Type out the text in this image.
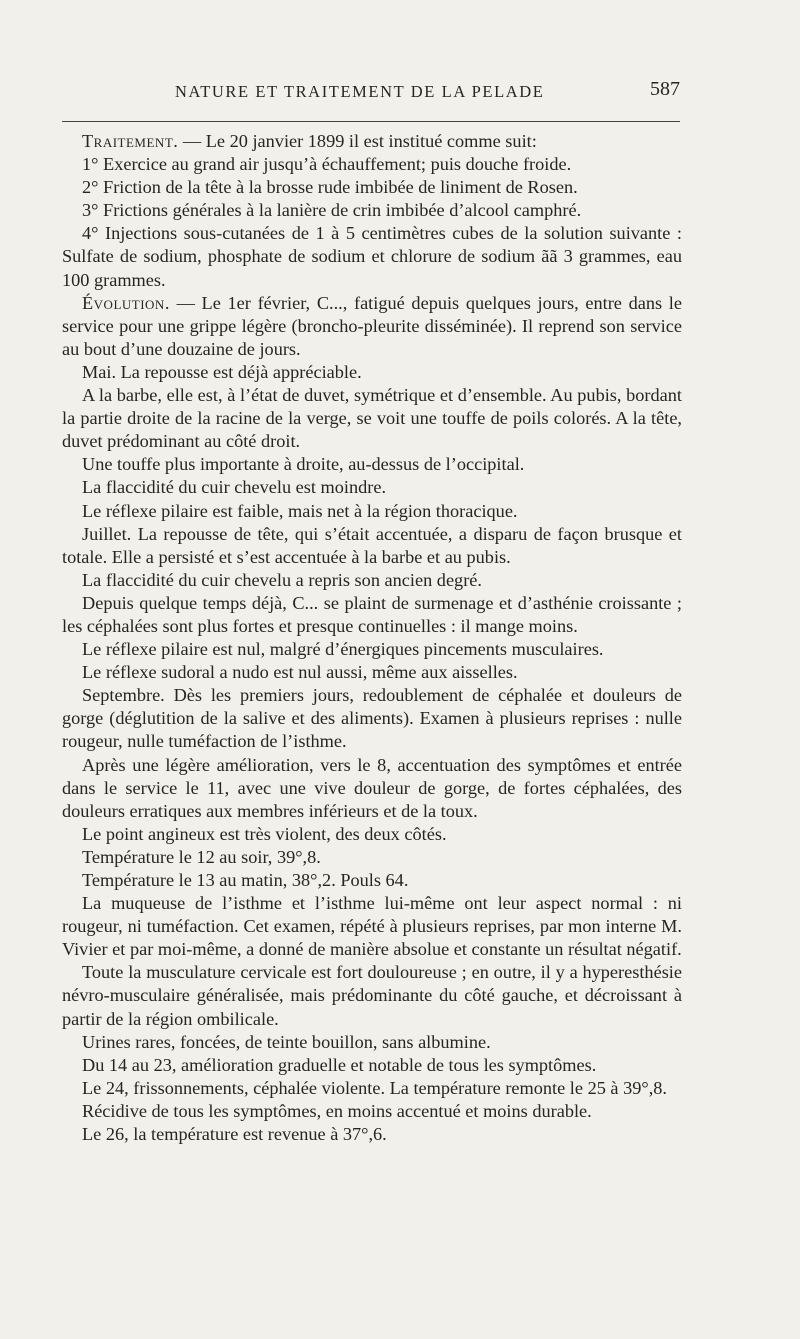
NATURE ET TRAITEMENT DE LA PELADE	587

Traitement. — Le 20 janvier 1899 il est institué comme suit:

1° Exercice au grand air jusqu’à échauffement; puis douche froide.

2° Friction de la tête à la brosse rude imbibée de liniment de Rosen.

3° Frictions générales à la lanière de crin imbibée d’alcool camphré.

4° Injections sous-cutanées de 1 à 5 centimètres cubes de la solution suivante : Sulfate de sodium, phosphate de sodium et chlorure de sodium ãã 3 grammes, eau 100 grammes.

Évolution. — Le 1er février, C..., fatigué depuis quelques jours, entre dans le service pour une grippe légère (broncho-pleurite disséminée). Il reprend son service au bout d’une douzaine de jours.

Mai. La repousse est déjà appréciable.

A la barbe, elle est, à l’état de duvet, symétrique et d’ensemble. Au pubis, bordant la partie droite de la racine de la verge, se voit une touffe de poils colorés. A la tête, duvet prédominant au côté droit.

Une touffe plus importante à droite, au-dessus de l’occipital.

La flaccidité du cuir chevelu est moindre.

Le réflexe pilaire est faible, mais net à la région thoracique.

Juillet. La repousse de tête, qui s’était accentuée, a disparu de façon brusque et totale. Elle a persisté et s’est accentuée à la barbe et au pubis.

La flaccidité du cuir chevelu a repris son ancien degré.

Depuis quelque temps déjà, C... se plaint de surmenage et d’asthénie croissante ; les céphalées sont plus fortes et presque continuelles : il mange moins.

Le réflexe pilaire est nul, malgré d’énergiques pincements musculaires.

Le réflexe sudoral a nudo est nul aussi, même aux aisselles.

Septembre. Dès les premiers jours, redoublement de céphalée et douleurs de gorge (déglutition de la salive et des aliments). Examen à plusieurs reprises : nulle rougeur, nulle tuméfaction de l’isthme.

Après une légère amélioration, vers le 8, accentuation des symptômes et entrée dans le service le 11, avec une vive douleur de gorge, de fortes céphalées, des douleurs erratiques aux membres inférieurs et de la toux.

Le point angineux est très violent, des deux côtés.

Température le 12 au soir, 39°,8.

Température le 13 au matin, 38°,2. Pouls 64.

La muqueuse de l’isthme et l’isthme lui-même ont leur aspect normal : ni rougeur, ni tuméfaction. Cet examen, répété à plusieurs reprises, par mon interne M. Vivier et par moi-même, a donné de manière absolue et constante un résultat négatif.

Toute la musculature cervicale est fort douloureuse ; en outre, il y a hyperesthésie névro-musculaire généralisée, mais prédominante du côté gauche, et décroissant à partir de la région ombilicale.

Urines rares, foncées, de teinte bouillon, sans albumine.

Du 14 au 23, amélioration graduelle et notable de tous les symptômes.

Le 24, frissonnements, céphalée violente. La température remonte le 25 à 39°,8.

Récidive de tous les symptômes, en moins accentué et moins durable.

Le 26, la température est revenue à 37°,6.
